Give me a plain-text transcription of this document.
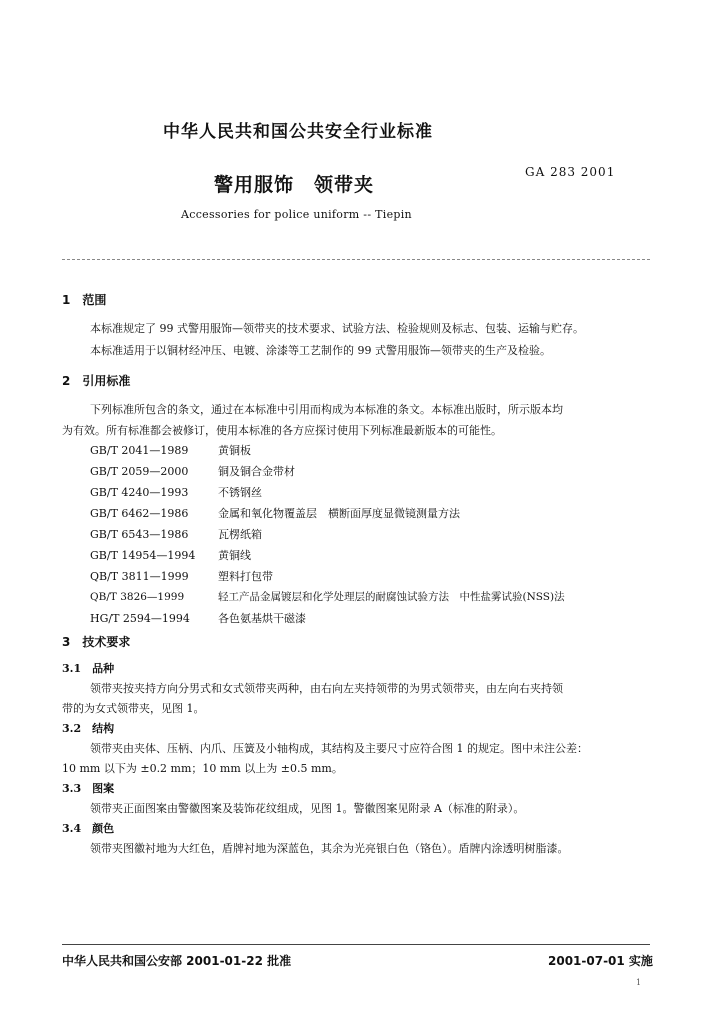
中华人民共和国公共安全行业标准
警用服饰　领带夹
GA 283 2001
Accessories for police uniform -- Tiepin
1　范围
本标准规定了 99 式警用服饰—领带夹的技术要求、试验方法、检验规则及标志、包装、运输与贮存。
本标准适用于以铜材经冲压、电镀、涂漆等工艺制作的 99 式警用服饰—领带夹的生产及检验。
2　引用标准
下列标准所包含的条文，通过在本标准中引用而构成为本标准的条文。本标准出版时，所示版本均
为有效。所有标准都会被修订，使用本标准的各方应探讨使用下列标准最新版本的可能性。
GB/T 2041—1989	黄铜板
GB/T 2059—2000	铜及铜合金带材
GB/T 4240—1993	不锈钢丝
GB/T 6462—1986	金属和氧化物覆盖层　横断面厚度显微镜测量方法
GB/T 6543—1986	瓦楞纸箱
GB/T 14954—1994 黄铜线
QB/T 3811—1999	塑料打包带
QB/T 3826—1999	轻工产品金属镀层和化学处理层的耐腐蚀试验方法　中性盐雾试验(NSS)法
HG/T 2594—1994	各色氨基烘干磁漆
3　技术要求
3.1　品种
领带夹按夹持方向分男式和女式领带夹两种，由右向左夹持领带的为男式领带夹，由左向右夹持领
带的为女式领带夹，见图 1。
3.2　结构
领带夹由夹体、压柄、内爪、压簧及小轴构成，其结构及主要尺寸应符合图 1 的规定。图中未注公差：
10 mm 以下为 ±0.2 mm；10 mm 以上为 ±0.5 mm。
3.3　图案
领带夹正面图案由警徽图案及装饰花纹组成，见图 1。警徽图案见附录 A（标准的附录）。
3.4　颜色
领带夹图徽衬地为大红色，盾牌衬地为深蓝色，其余为光亮银白色（铬色）。盾牌内涂透明树脂漆。
中华人民共和国公安部 2001-01-22 批准	2001-07-01 实施
1
